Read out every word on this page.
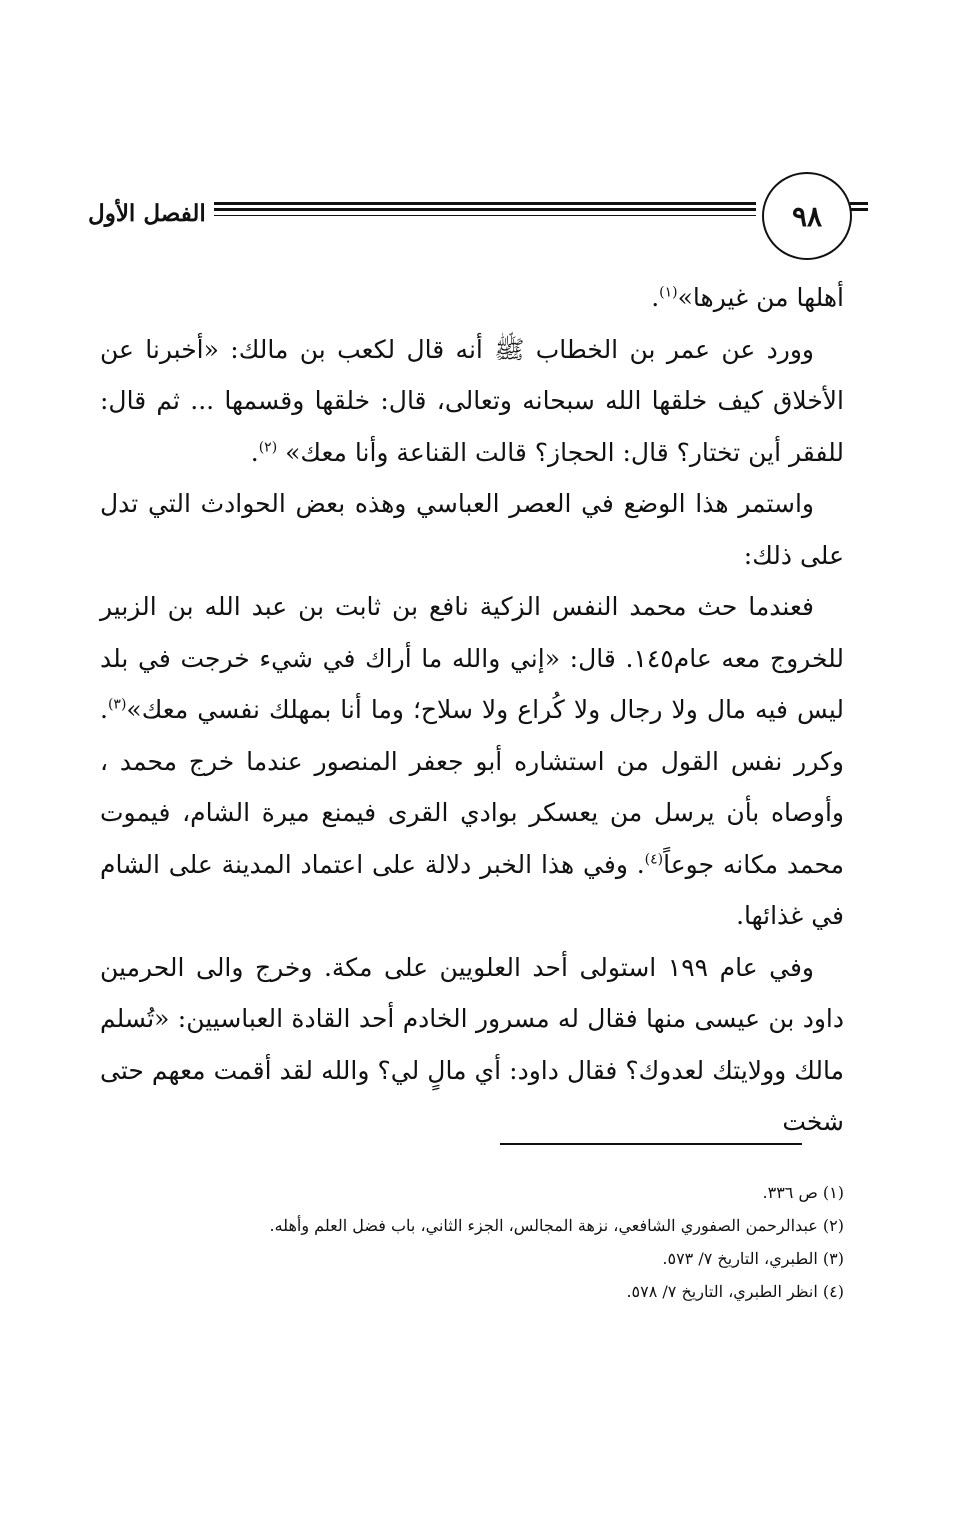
الفصل الأول	٩٨

أهلها من غيرها»$^{(١)}$.

وورد عن عمر بن الخطاب ﷺ أنه قال لكعب بن مالك: «أخبرنا عن الأخلاق كيف خلقها الله سبحانه وتعالى، قال: خلقها وقسمها ... ثم قال: للفقر أين تختار؟ قال: الحجاز؟ قالت القناعة وأنا معك» $^{(٢)}$.

واستمر هذا الوضع في العصر العباسي وهذه بعض الحوادث التي تدل على ذلك:

فعندما حث محمد النفس الزكية نافع بن ثابت بن عبد الله بن الزبير للخروج معه عام١٤٥. قال: «إني والله ما أراك في شيء خرجت في بلد ليس فيه مال ولا رجال ولا كُراع ولا سلاح؛ وما أنا بمهلك نفسي معك»$^{(٣)}$. وكرر نفس القول من استشاره أبو جعفر المنصور عندما خرج محمد ، وأوصاه بأن يرسل من يعسكر بوادي القرى فيمنع ميرة الشام، فيموت محمد مكانه جوعاً$^{(٤)}$. وفي هذا الخبر دلالة على اعتماد المدينة على الشام في غذائها.

وفي عام ١٩٩ استولى أحد العلويين على مكة. وخرج والى الحرمين داود بن عيسى منها فقال له مسرور الخادم أحد القادة العباسيين: «تُسلم مالك وولايتك لعدوك؟ فقال داود: أي مالٍ لي؟ والله لقد أقمت معهم حتى شخت

(١) ص ٣٣٦.
(٢) عبدالرحمن الصفوري الشافعي، نزهة المجالس، الجزء الثاني، باب فضل العلم وأهله.
(٣) الطبري، التاريخ ٧/ ٥٧٣.
(٤) انظر الطبري، التاريخ ٧/ ٥٧٨.
